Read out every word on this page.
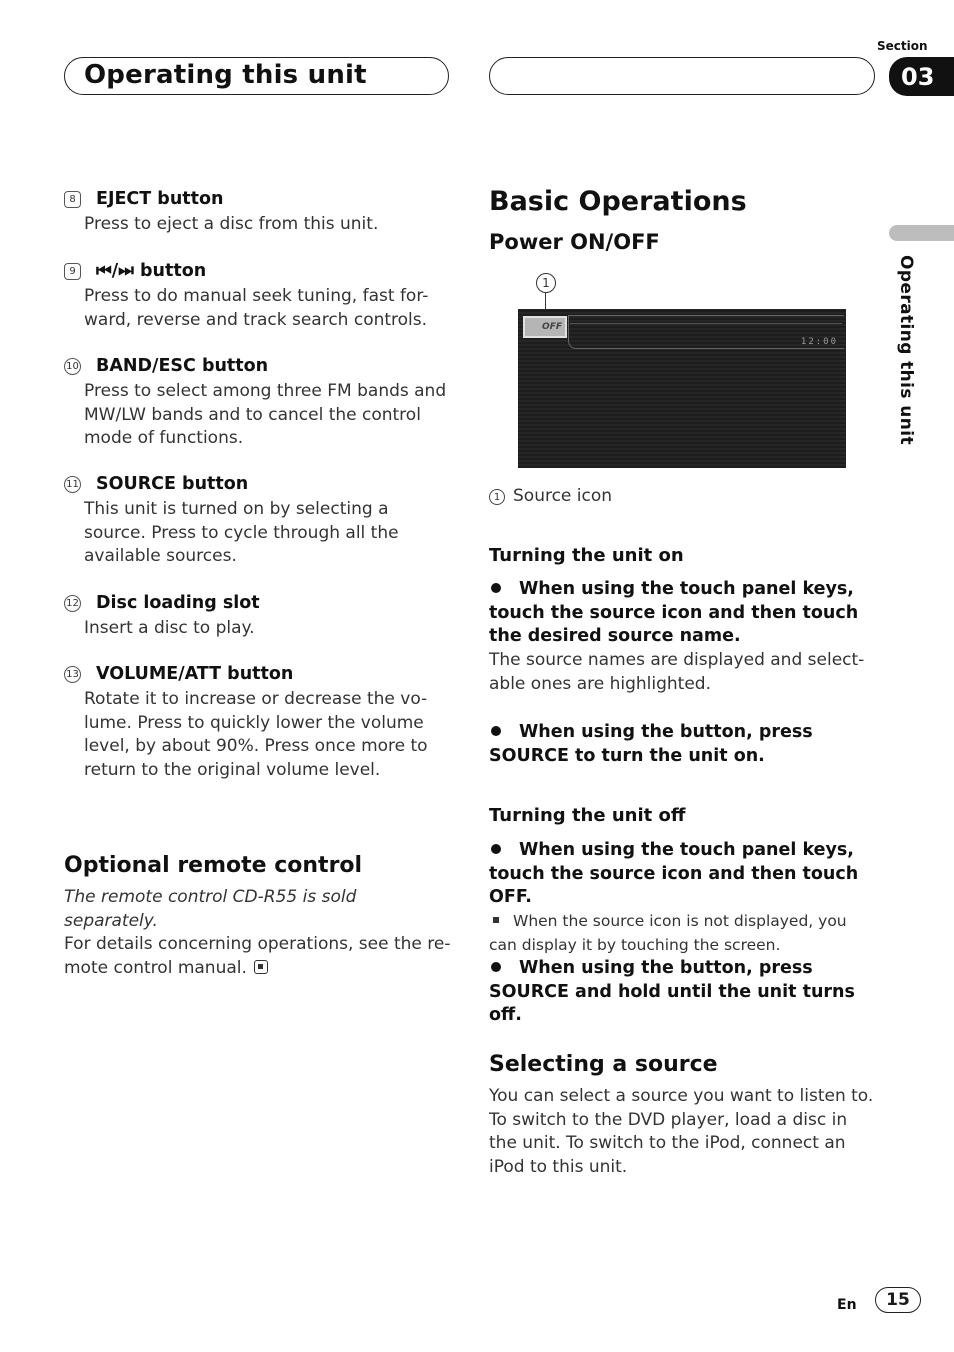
Operating this unit
Section
03
Operating this unit
8	EJECT button
Press to eject a disc from this unit.
9	⏮/⏭ button
Press to do manual seek tuning, fast for-ward, reverse and track search controls.
10 BAND/ESC button
Press to select among three FM bands and MW/LW bands and to cancel the control mode of functions.
11 SOURCE button
This unit is turned on by selecting a source. Press to cycle through all the available sources.
12 Disc loading slot
Insert a disc to play.
13 VOLUME/ATT button
Rotate it to increase or decrease the vo-lume. Press to quickly lower the volume level, by about 90%. Press once more to return to the original volume level.
Optional remote control
The remote control CD-R55 is sold separately.
For details concerning operations, see the re-mote control manual.
Basic Operations
Power ON/OFF
1
OFF
12:00
1 Source icon
Turning the unit on
When using the touch panel keys, touch the source icon and then touch the desired source name.
The source names are displayed and select-able ones are highlighted.
When using the button, press SOURCE to turn the unit on.
Turning the unit off
When using the touch panel keys, touch the source icon and then touch OFF.
When the source icon is not displayed, you can display it by touching the screen.
When using the button, press SOURCE and hold until the unit turns off.
Selecting a source
You can select a source you want to listen to. To switch to the DVD player, load a disc in the unit. To switch to the iPod, connect an iPod to this unit.
En	15
